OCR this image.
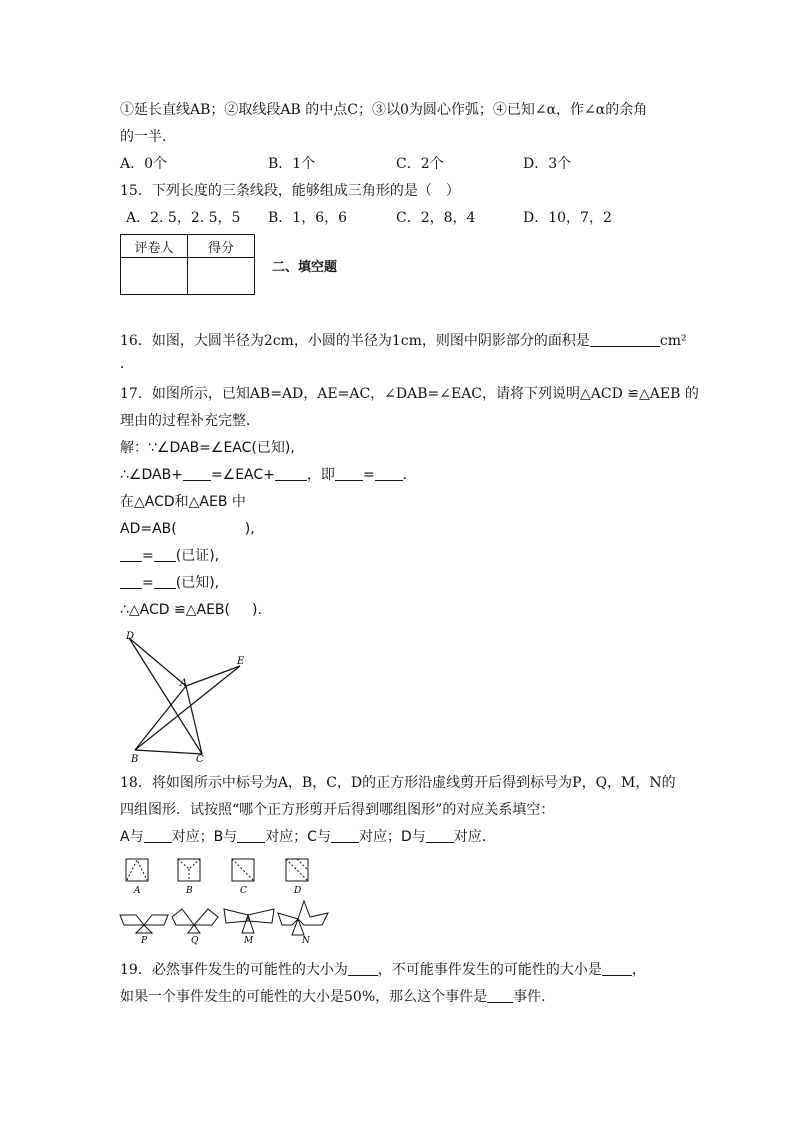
①延长直线AB；②取线段AB 的中点C；③以0为圆心作弧；④已知∠α，作∠α的余角
的一半．
A．0个	B．1个	C．2个	D．3个
15．下列长度的三条线段，能够组成三角形的是（　）
A．2. 5，2. 5，5 B．1，6，6	C．2，8，4	D．10，7，2
评卷人	得分

二、填空题
16．如图，大圆半径为2cm，小圆的半径为1cm，则图中阴影部分的面积是	cm²
．
17．如图所示，已知AB=AD，AE=AC，∠DAB=∠EAC，请将下列说明△ACD ≌△AEB 的
理由的过程补充完整．
解：∵∠DAB=∠EAC(已知),
∴∠DAB+ =∠EAC+ ，即 = ．
在△ACD和△AEB 中
AD=AB(	),
= (已证),
= (已知),
∴△ACD ≌△AEB( ).
D
E
A
B	C
18．将如图所示中标号为A，B，C，D的正方形沿虚线剪开后得到标号为P，Q，M，N的
四组图形．试按照“哪个正方形剪开后得到哪组图形”的对应关系填空：
A与 对应；B与 对应；C与 对应；D与 对应．
A	B	C	D
P	Q	M	N
19．必然事件发生的可能性的大小为 ，不可能事件发生的可能性的大小是 ，
如果一个事件发生的可能性的大小是50%，那么这个事件是 事件.
